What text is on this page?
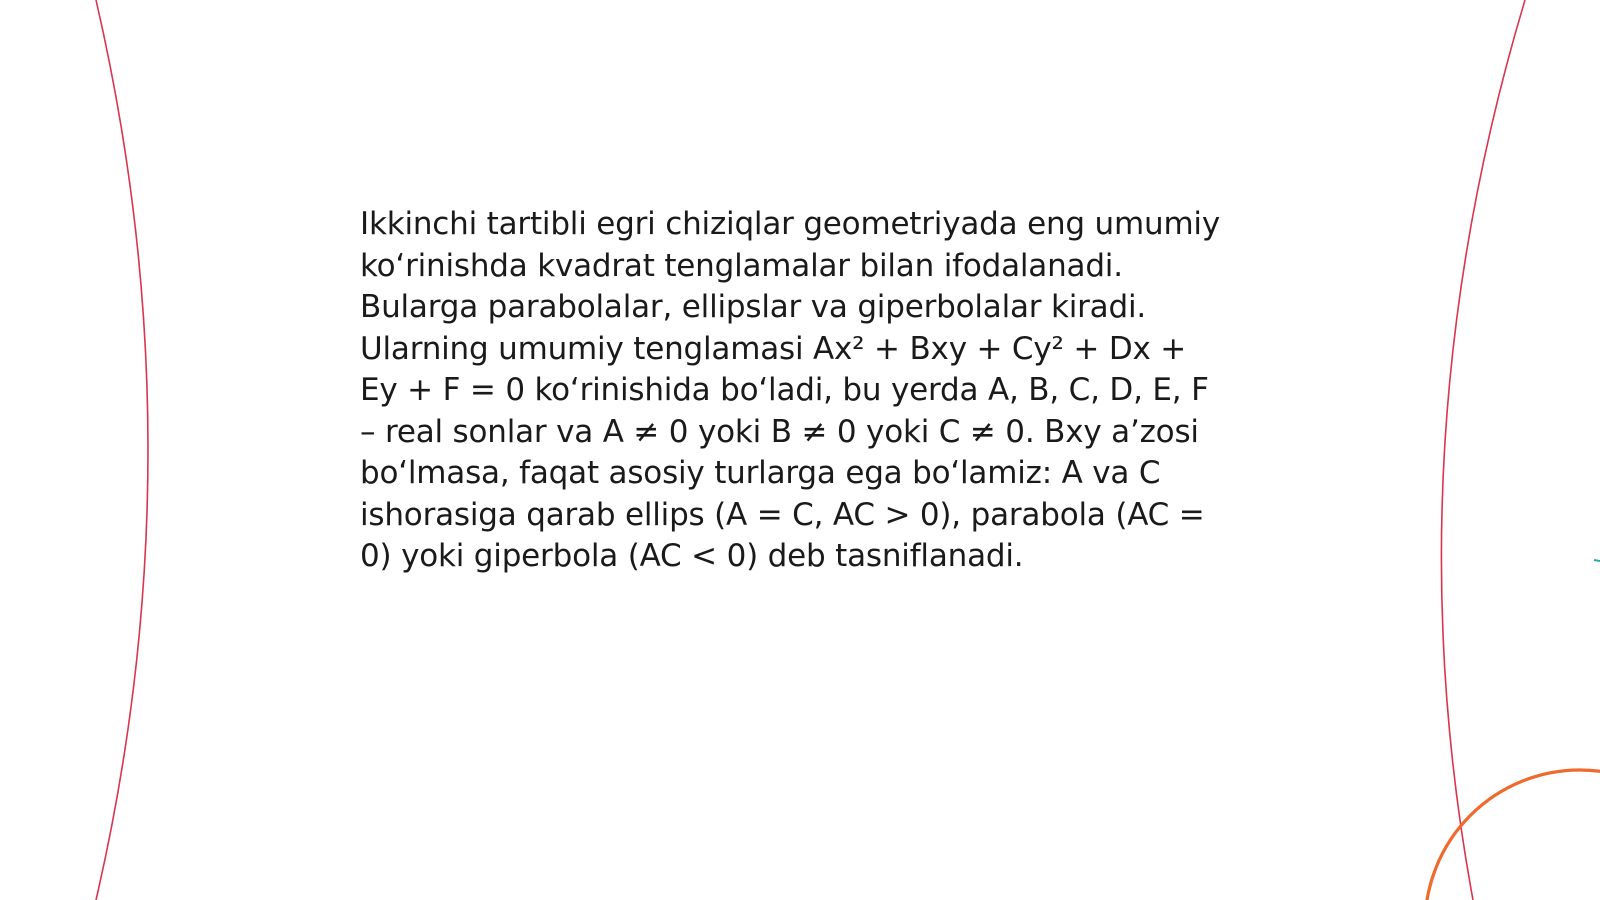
Ikkinchi tartibli egri chiziqlar geometriyada eng umumiy koʻrinishda kvadrat tenglamalar bilan ifodalanadi. Bularga parabolalar, ellipslar va giperbolalar kiradi. Ularning umumiy tenglamasi Ax² + Bxy + Cy² + Dx + Ey + F = 0 koʻrinishida boʻladi, bu yerda A, B, C, D, E, F – real sonlar va A ≠ 0 yoki B ≠ 0 yoki C ≠ 0. Bxy aʼzosi boʻlmasa, faqat asosiy turlarga ega boʻlamiz: A va C ishorasiga qarab ellips (A = C, AC > 0), parabola (AC = 0) yoki giperbola (AC < 0) deb tasniflanadi.
